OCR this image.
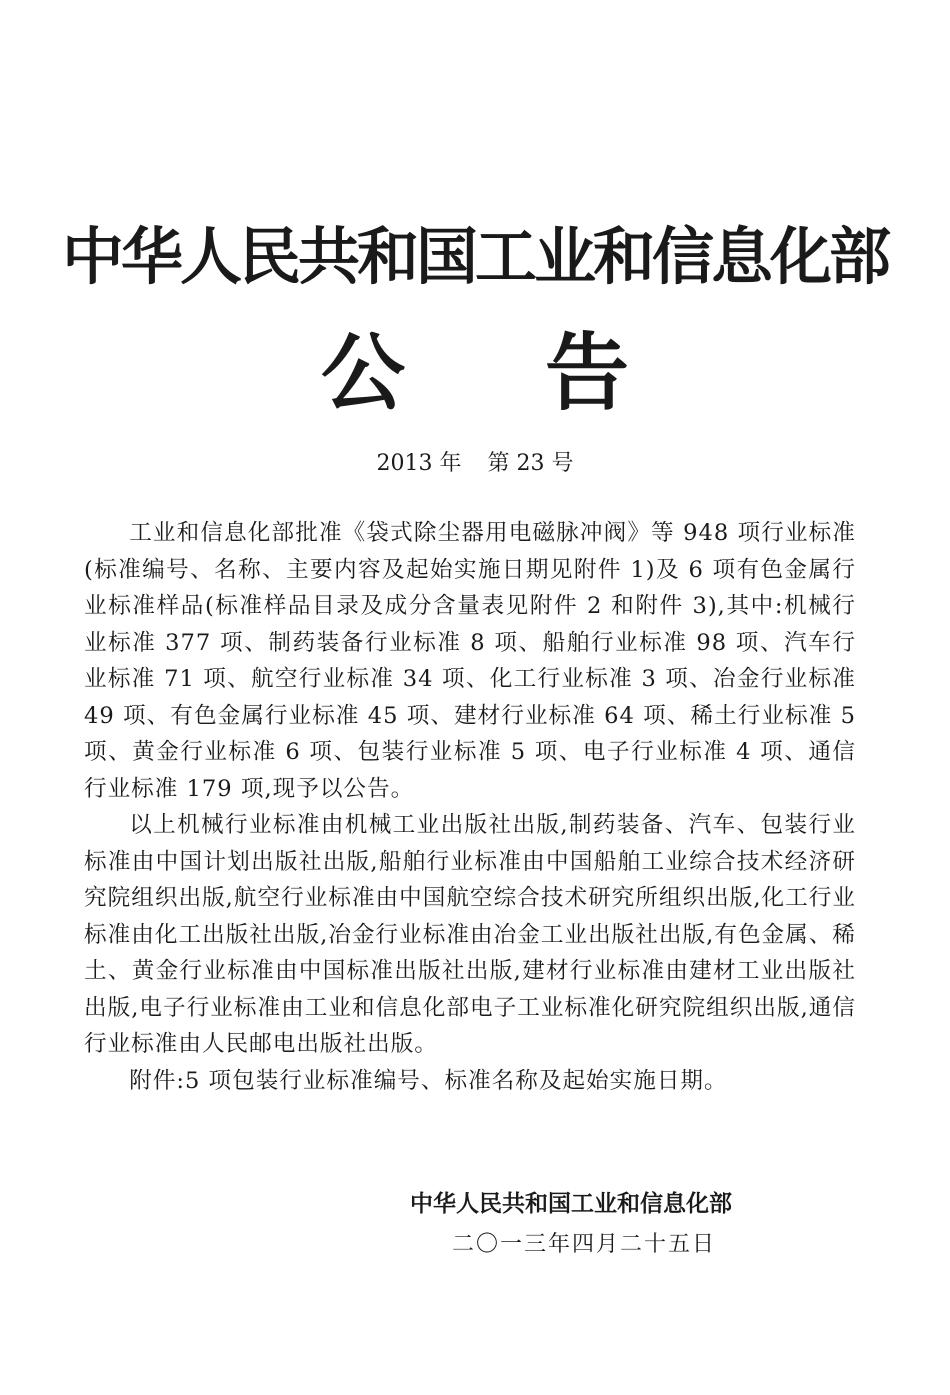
中华人民共和国工业和信息化部
公 告
2013 年 第 23 号

工业和信息化部批准《袋式除尘器用电磁脉冲阀》等 948 项行业标准(标准编号、名称、主要内容及起始实施日期见附件 1)及 6 项有色金属行业标准样品(标准样品目录及成分含量表见附件 2 和附件 3),其中:机械行业标准 377 项、制药装备行业标准 8 项、船舶行业标准 98 项、汽车行业标准 71 项、航空行业标准 34 项、化工行业标准 3 项、冶金行业标准 49 项、有色金属行业标准 45 项、建材行业标准 64 项、稀土行业标准 5 项、黄金行业标准 6 项、包装行业标准 5 项、电子行业标准 4 项、通信行业标准 179 项,现予以公告。

以上机械行业标准由机械工业出版社出版,制药装备、汽车、包装行业标准由中国计划出版社出版,船舶行业标准由中国船舶工业综合技术经济研究院组织出版,航空行业标准由中国航空综合技术研究所组织出版,化工行业标准由化工出版社出版,冶金行业标准由冶金工业出版社出版,有色金属、稀土、黄金行业标准由中国标准出版社出版,建材行业标准由建材工业出版社出版,电子行业标准由工业和信息化部电子工业标准化研究院组织出版,通信行业标准由人民邮电出版社出版。

附件:5 项包装行业标准编号、标准名称及起始实施日期。

中华人民共和国工业和信息化部
二〇一三年四月二十五日
